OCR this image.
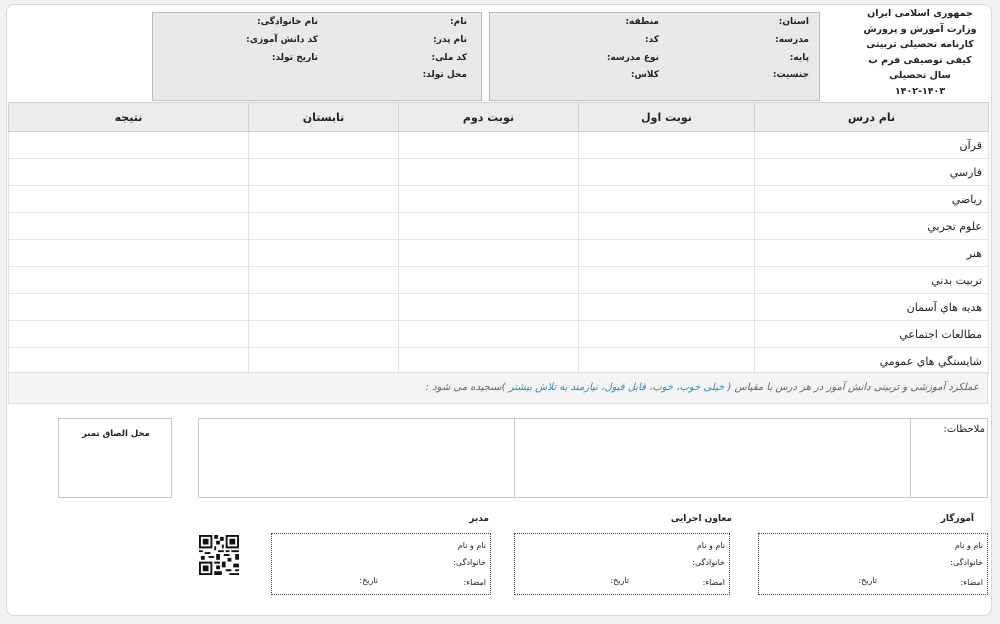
جمهوری اسلامی ایران
وزارت آموزش و پرورش
کارنامه تحصیلی تربیتی
کیفی توصیفی فرم ب
سال تحصیلی
۱۴۰۲-۱۴۰۳
استان:
مدرسه:
پایه:
جنسیت:
منطقه:
کد:
نوع مدرسه:
کلاس:
نام:
نام پدر:
کد ملی:
محل تولد:
نام خانوادگی:
کد دانش آموزی:
تاریخ تولد:
نام درس	نوبت اول	نوبت دوم	تابستان	نتیجه
قرآن				
فارسي				
رياضي				
علوم تجربي				
هنر				
تربيت بدني				
هديه هاي آسمان				
مطالعات اجتماعي				
شايستگي هاي عمومي				
عملکرد آموزشی و تربیتی دانش آموز در هر درس با مقیاس ( خیلی خوب، خوب، قابل قبول، نیازمند به تلاش بیشتر )سنجیده می شود :
ملاحظات:
محل الصاق تمبر
آموزگار
معاون اجرایی
مدیر
نام و نام
خانوادگی:
امضاء:
تاریخ:
نام و نام
خانوادگی:
امضاء:
تاریخ:
نام و نام
خانوادگی:
امضاء:
تاریخ:
